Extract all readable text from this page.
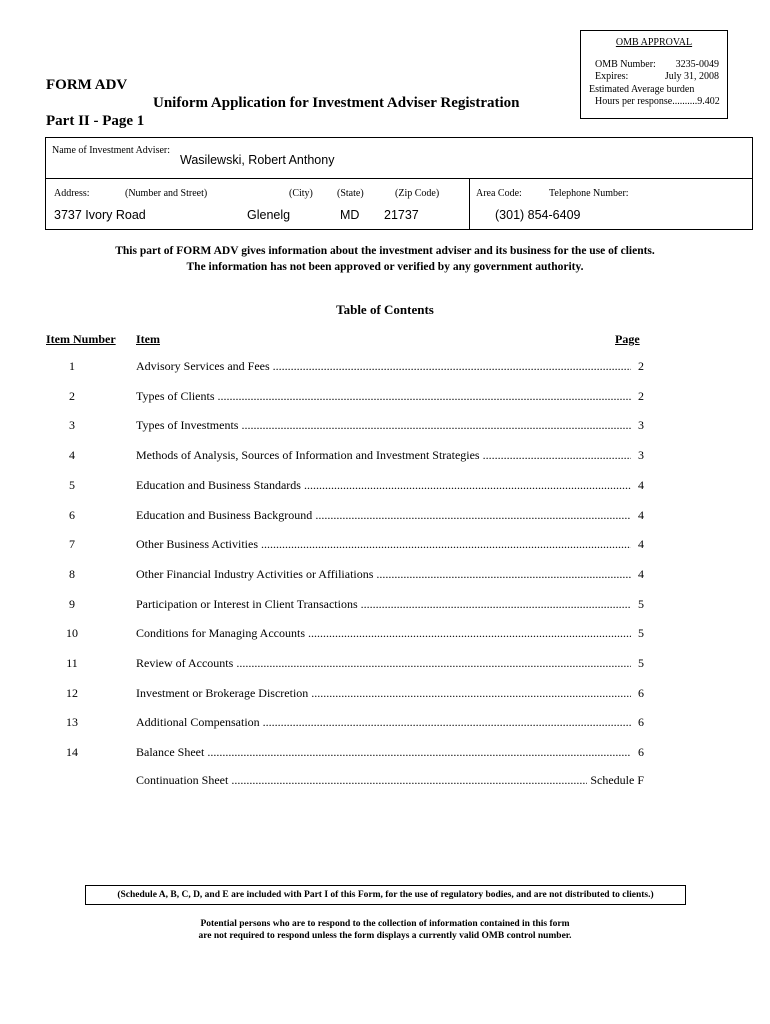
OMB APPROVAL
OMB Number: 3235-0049
Expires:	July 31, 2008
Estimated Average burden
Hours per response..........9.402
FORM ADV
Uniform Application for Investment Adviser Registration
Part II - Page 1
Name of Investment Adviser:
Wasilewski, Robert Anthony
Address:	(Number and Street)	(City) (State)	(Zip Code)	Area Code:	Telephone Number:
3737 Ivory Road	Glenelg	MD 21737	(301) 854-6409
This part of FORM ADV gives information about the investment adviser and its business for the use of clients.
The information has not been approved or verified by any government authority.
Table of Contents
Item Number Item	Page
1	Advisory Services and Fees .....	2
2	Types of Clients .....	2
3	Types of Investments .....	3
4	Methods of Analysis, Sources of Information and Investment Strategies .....	3
5	Education and Business Standards .....	4
6	Education and Business Background .....	4
7	Other Business Activities .....	4
8	Other Financial Industry Activities or Affiliations .....	4
9	Participation or Interest in Client Transactions .....	5
10	Conditions for Managing Accounts .....	5
11	Review of Accounts .....	5
12	Investment or Brokerage Discretion .....	6
13	Additional Compensation .....	6
14	Balance Sheet .....	6
Continuation Sheet .....	Schedule F
(Schedule A, B, C, D, and E are included with Part I of this Form, for the use of regulatory bodies, and are not distributed to clients.)
Potential persons who are to respond to the collection of information contained in this form
are not required to respond unless the form displays a currently valid OMB control number.
